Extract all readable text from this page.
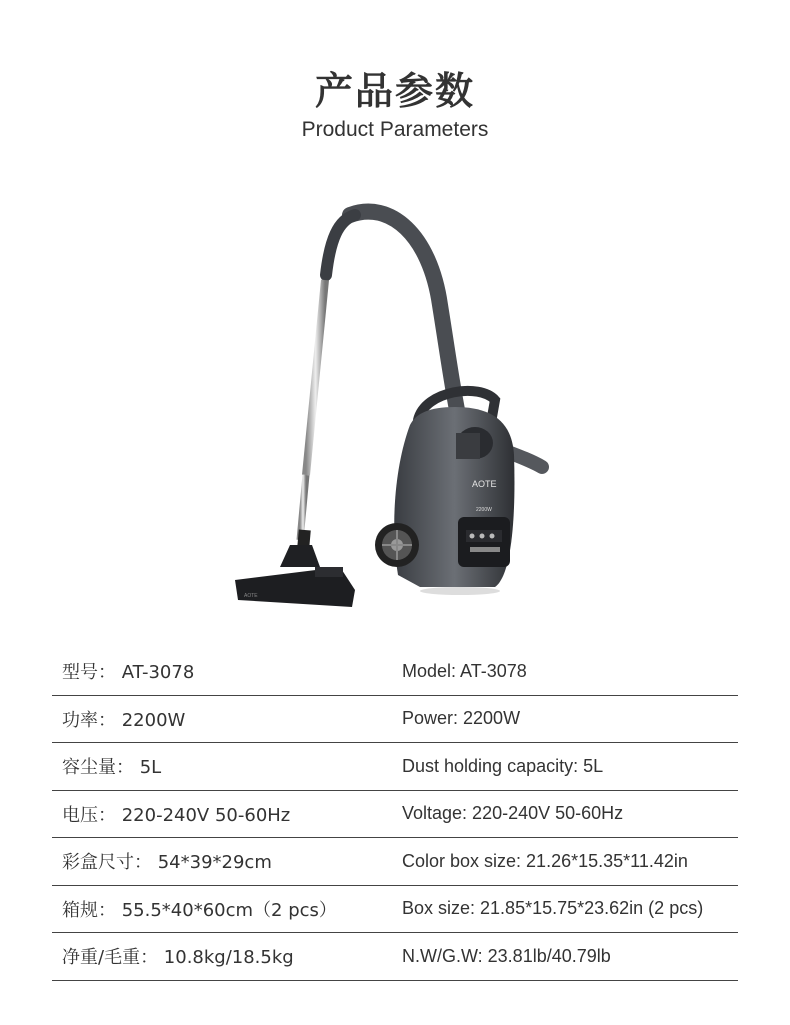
产品参数
Product Parameters
AOTE
AOTE
2200W
型号： AT-3078	Model: AT-3078
功率： 2200W	Power: 2200W
容尘量： 5L	Dust holding capacity: 5L
电压： 220-240V 50-60Hz	Voltage: 220-240V 50-60Hz
彩盒尺寸： 54*39*29cm	Color box size: 21.26*15.35*11.42in
箱规： 55.5*40*60cm（2 pcs）	Box size: 21.85*15.75*23.62in (2 pcs)
净重/毛重： 10.8kg/18.5kg	N.W/G.W: 23.81lb/40.79lb
